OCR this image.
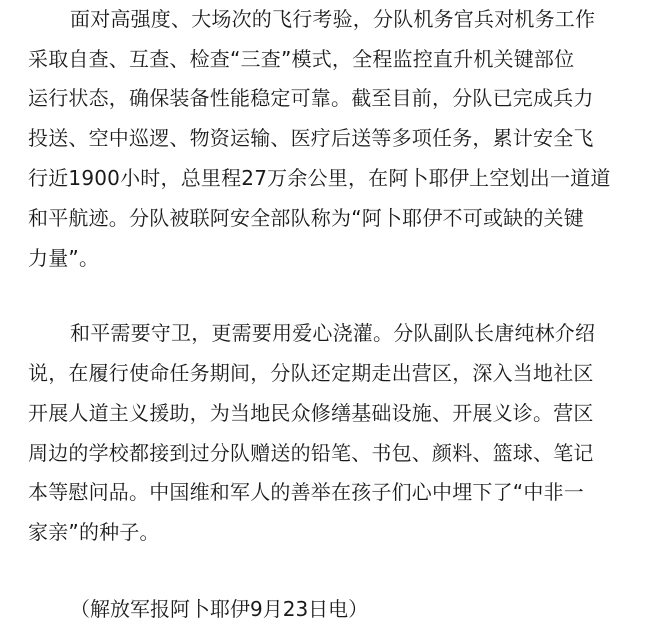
面对高强度、大场次的飞行考验，分队机务官兵对机务工作
采取自查、互查、检查“三查”模式，全程监控直升机关键部位
运行状态，确保装备性能稳定可靠。截至目前，分队已完成兵力
投送、空中巡逻、物资运输、医疗后送等多项任务，累计安全飞
行近1900小时，总里程27万余公里，在阿卜耶伊上空划出一道道
和平航迹。分队被联阿安全部队称为“阿卜耶伊不可或缺的关键
力量”。
和平需要守卫，更需要用爱心浇灌。分队副队长唐纯林介绍
说，在履行使命任务期间，分队还定期走出营区，深入当地社区
开展人道主义援助，为当地民众修缮基础设施、开展义诊。营区
周边的学校都接到过分队赠送的铅笔、书包、颜料、篮球、笔记
本等慰问品。中国维和军人的善举在孩子们心中埋下了“中非一
家亲”的种子。
（解放军报阿卜耶伊9月23日电）
